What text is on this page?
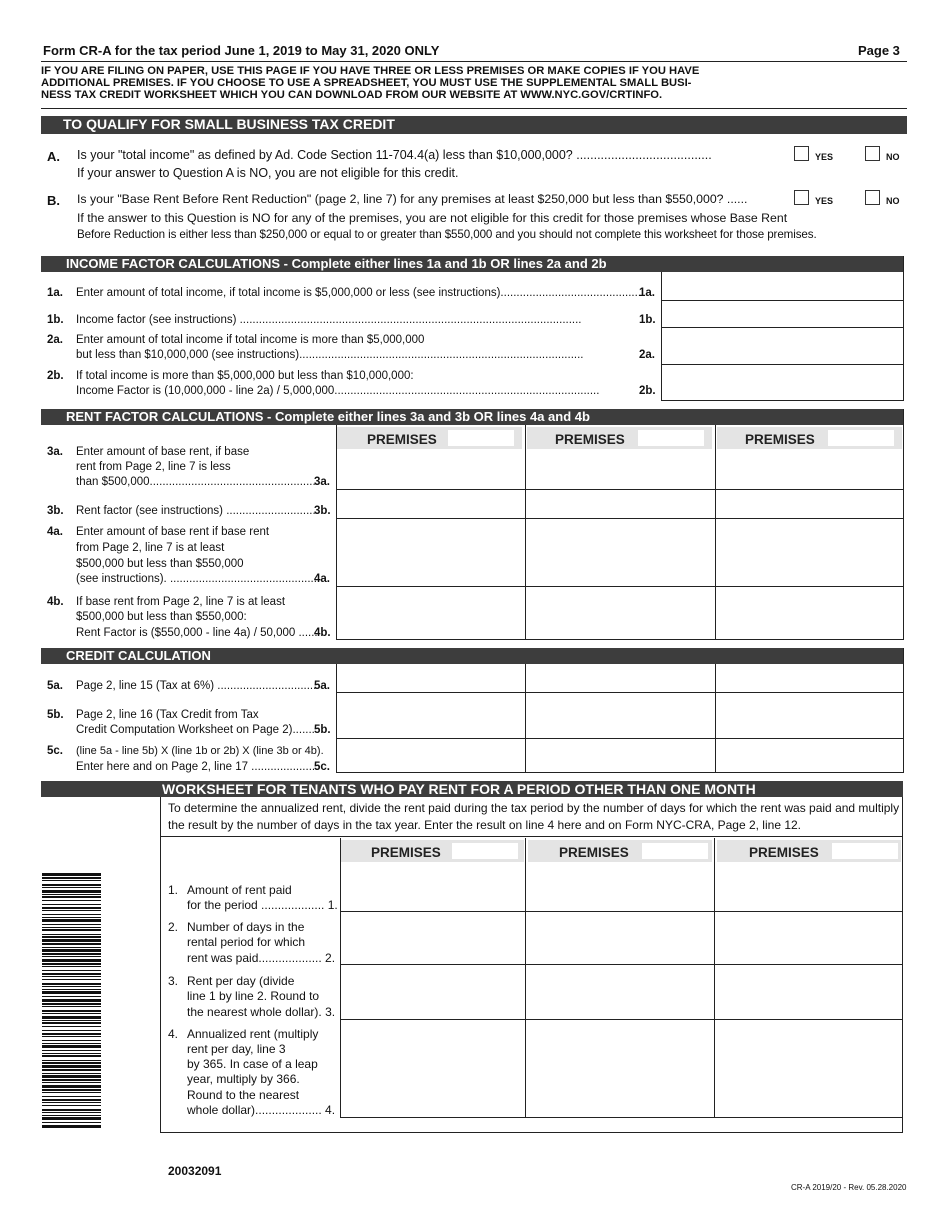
Form CR-A for the tax period June 1, 2019 to May 31, 2020 ONLY	Page 3
IF YOU ARE FILING ON PAPER, USE THIS PAGE IF YOU HAVE THREE OR LESS PREMISES OR MAKE COPIES IF YOU HAVE
ADDITIONAL PREMISES. IF YOU CHOOSE TO USE A SPREADSHEET, YOU MUST USE THE SUPPLEMENTAL SMALL BUSI-
NESS TAX CREDIT WORKSHEET WHICH YOU CAN DOWNLOAD FROM OUR WEBSITE AT WWW.NYC.GOV/CRTINFO.
TO QUALIFY FOR SMALL BUSINESS TAX CREDIT
A. Is your "total income" as defined by Ad. Code Section 11-704.4(a) less than $10,000,000? .......................................	YES	NO
If your answer to Question A is NO, you are not eligible for this credit.
B. Is your "Base Rent Before Rent Reduction" (page 2, line 7) for any premises at least $250,000 but less than $550,000? ......	YES	NO
If the answer to this Question is NO for any of the premises, you are not eligible for this credit for those premises whose Base Rent
Before Reduction is either less than $250,000 or equal to or greater than $550,000 and you should not complete this worksheet for those premises.
INCOME FACTOR CALCULATIONS - Complete either lines 1a and 1b OR lines 2a and 2b
1a. Enter amount of total income, if total income is $5,000,000 or less (see instructions)............................................
1a.
1b. Income factor (see instructions) ...........................................................................................................	1b.
2a. Enter amount of total income if total income is more than $5,000,000
but less than $10,000,000 (see instructions).........................................................................................	2a.
2b. If total income is more than $5,000,000 but less than $10,000,000:
Income Factor is (10,000,000 - line 2a) / 5,000,000...................................................................................	2b.
RENT FACTOR CALCULATIONS - Complete either lines 3a and 3b OR lines 4a and 4b
PREMISES	PREMISES	PREMISES
3a. Enter amount of base rent, if base
rent from Page 2, line 7 is less
than $500,000....................................................
3a.
3b. Rent factor (see instructions) ............................
3b.
4a. Enter amount of base rent if base rent
from Page 2, line 7 is at least
$500,000 but less than $550,000
(see instructions). ..............................................
4a.
4b. If base rent from Page 2, line 7 is at least
$500,000 but less than $550,000:
Rent Factor is ($550,000 - line 4a) / 50,000 ......
4b.
CREDIT CALCULATION
5a. Page 2, line 15 (Tax at 6%) ...............................
5a.
5b. Page 2, line 16 (Tax Credit from Tax
Credit Computation Worksheet on Page 2)....... 5b.
5c. (line 5a - line 5b) X (line 1b or 2b) X (line 3b or 4b).
Enter here and on Page 2, line 17 .....................
5c.
WORKSHEET FOR TENANTS WHO PAY RENT FOR A PERIOD OTHER THAN ONE MONTH
To determine the annualized rent, divide the rent paid during the tax period by the number of days for which the rent was paid and multiply
the result by the number of days in the tax year. Enter the result on line 4 here and on Form NYC-CRA, Page 2, line 12.
PREMISES	PREMISES	PREMISES
1. Amount of rent paid
for the period ................... 1.
2. Number of days in the
rental period for which
rent was paid................... 2.
3. Rent per day (divide
line 1 by line 2. Round to
the nearest whole dollar). 3.
4. Annualized rent (multiply
rent per day, line 3
by 365. In case of a leap
year, multiply by 366.
Round to the nearest
whole dollar).................... 4.
20032091
CR-A 2019/20 - Rev. 05.28.2020
